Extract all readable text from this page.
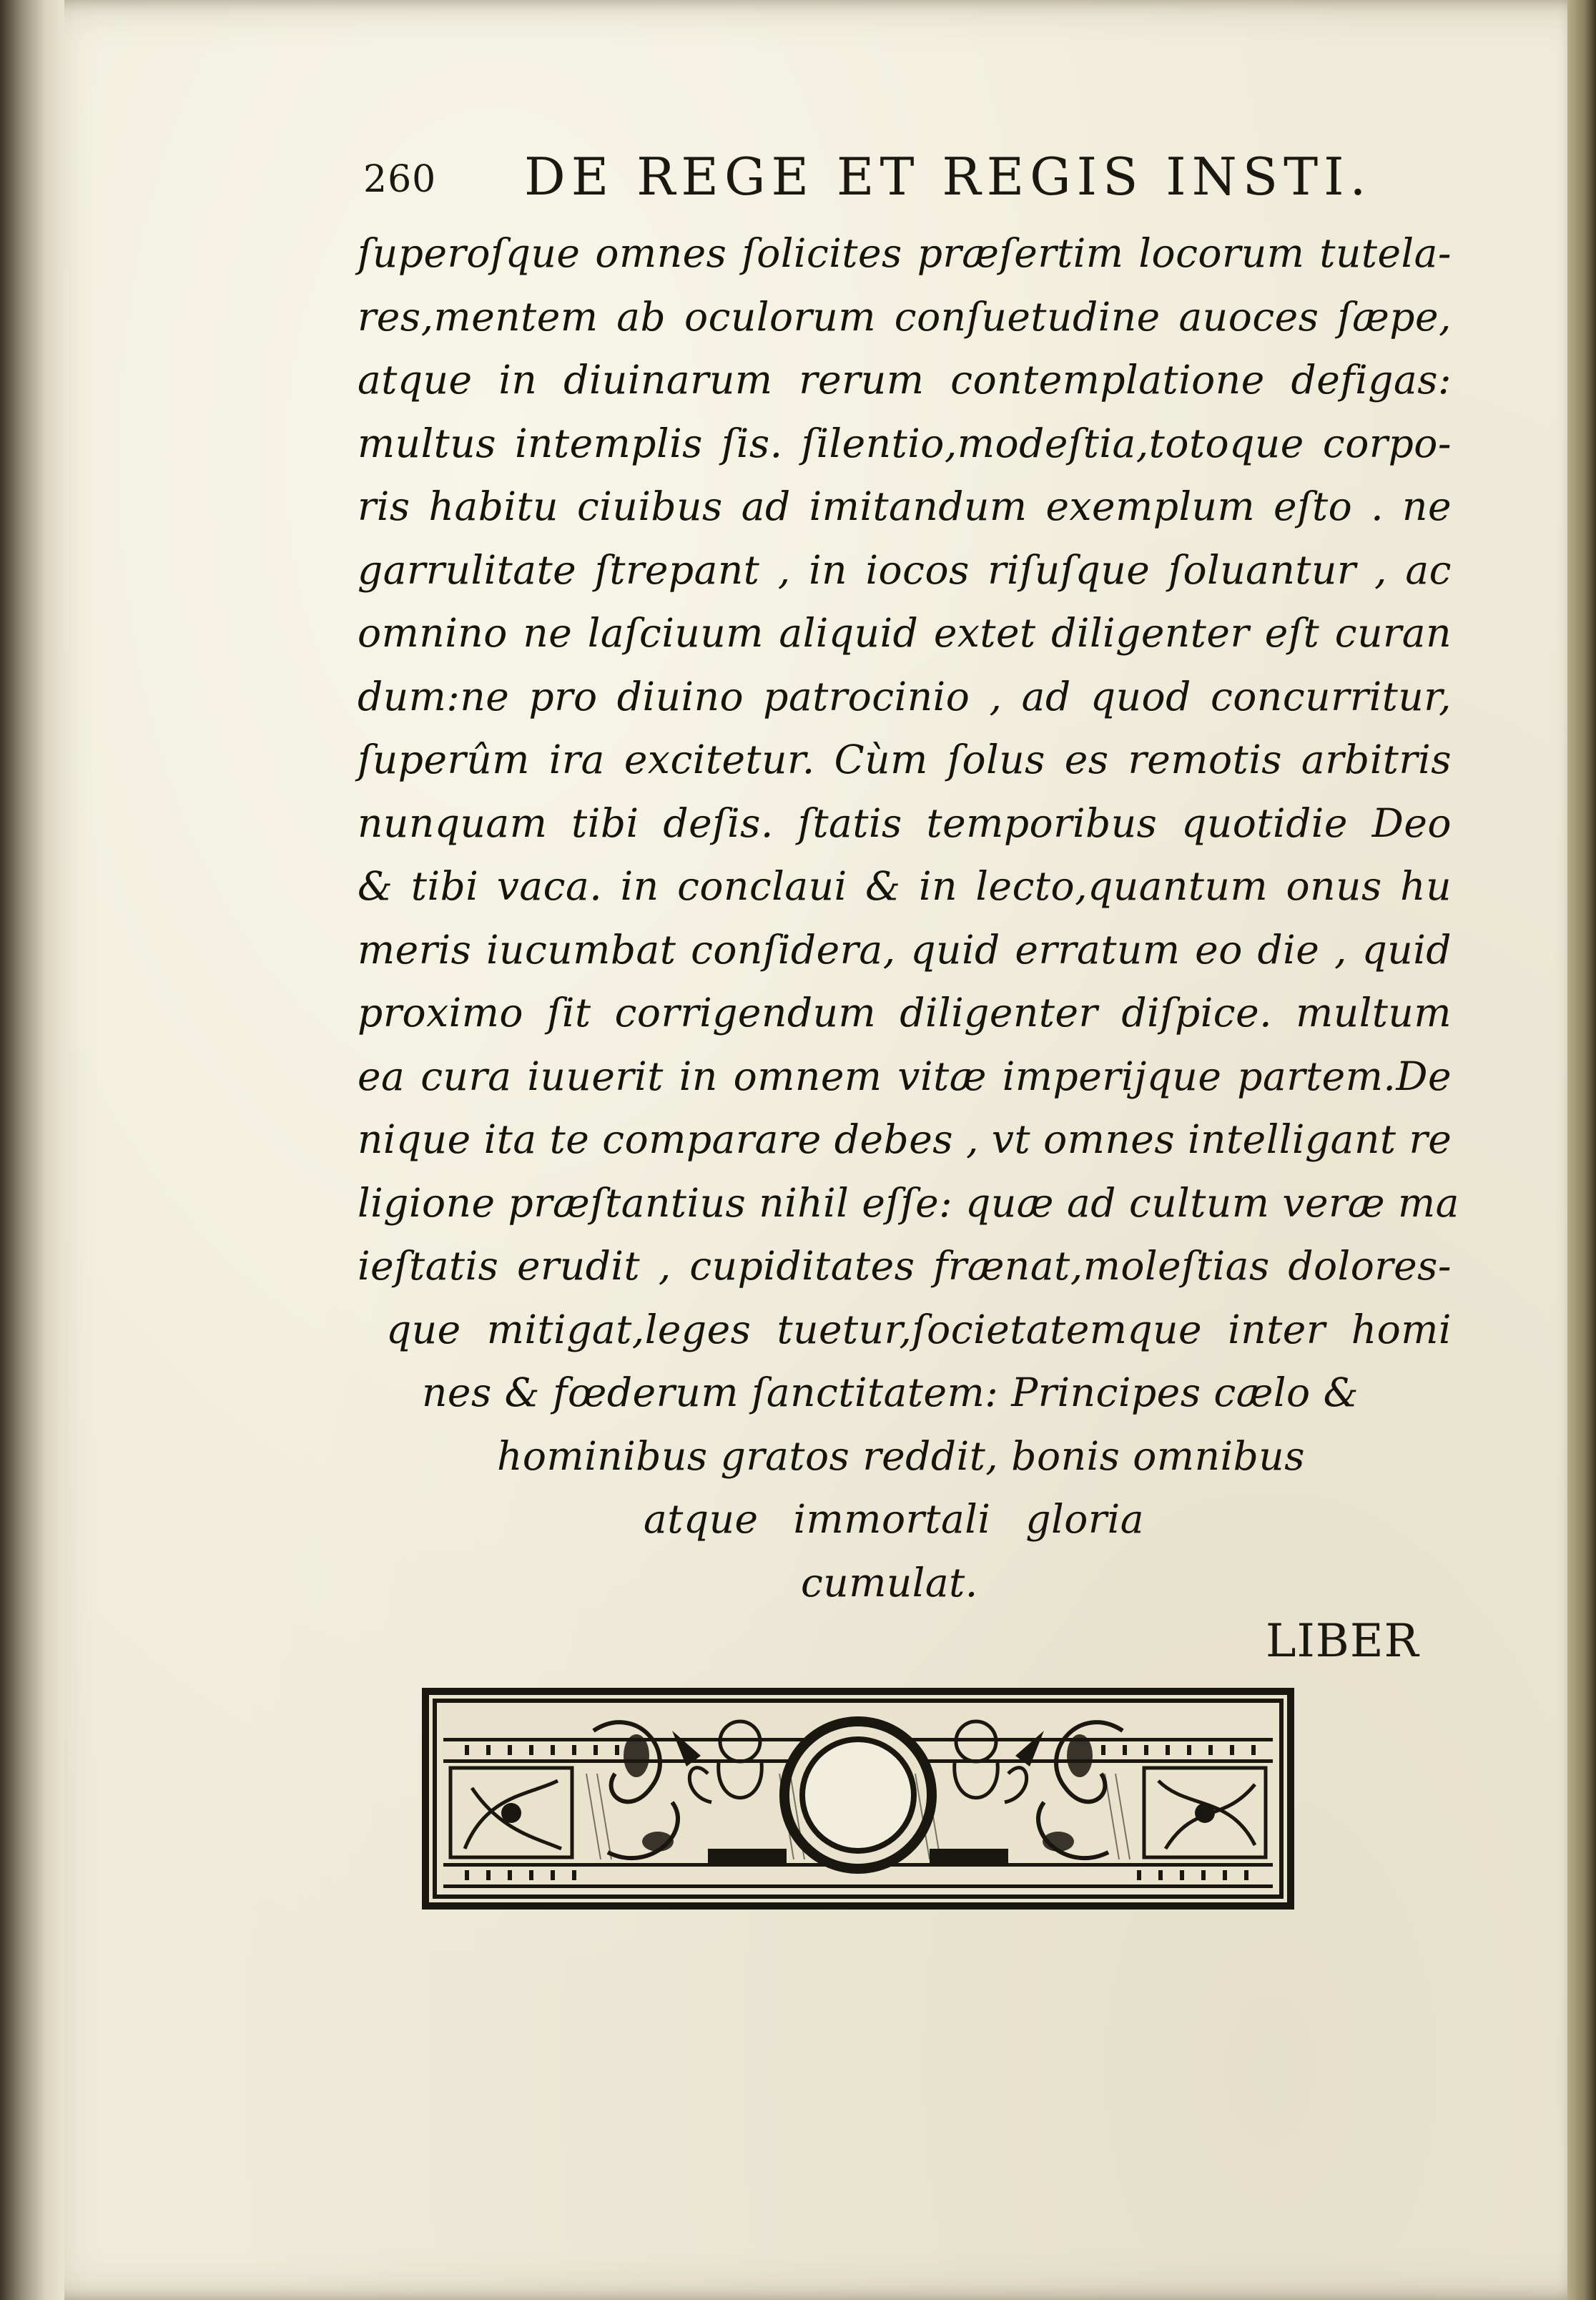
260 DE REGE ET REGIS INSTI.
ſuperoſque omnes ſolicites præſertim locorum tutela-
res,mentem ab oculorum conſuetudine auoces ſæpe,
atque in diuinarum rerum contemplatione defigas:
multus intemplis ſis. ſilentio,modeſtia,totoque corpo-
ris habitu ciuibus ad imitandum exemplum eſto . ne
garrulitate ſtrepant , in iocos riſuſque ſoluantur , ac
omnino ne laſciuum aliquid extet diligenter eſt curan
dum:ne pro diuino patrocinio , ad quod concurritur,
ſuperûm ira excitetur. Cùm ſolus es remotis arbitris
nunquam tibi deſis. ſtatis temporibus quotidie Deo
& tibi vaca. in conclaui & in lecto,quantum onus hu
meris iucumbat conſidera, quid erratum eo die , quid
proximo ſit corrigendum diligenter diſpice. multum
ea cura iuuerit in omnem vitæ imperijque partem.De
nique ita te comparare debes , vt omnes intelligant re
ligione præſtantius nihil eſſe: quæ ad cultum veræ ma
ieſtatis erudit , cupiditates frænat,moleſtias dolores-
que mitigat,leges tuetur,ſocietatemque inter homi
nes & fœderum ſanctitatem: Principes cælo &
hominibus gratos reddit, bonis omnibus
atque immortali gloria
cumulat.
LIBER
